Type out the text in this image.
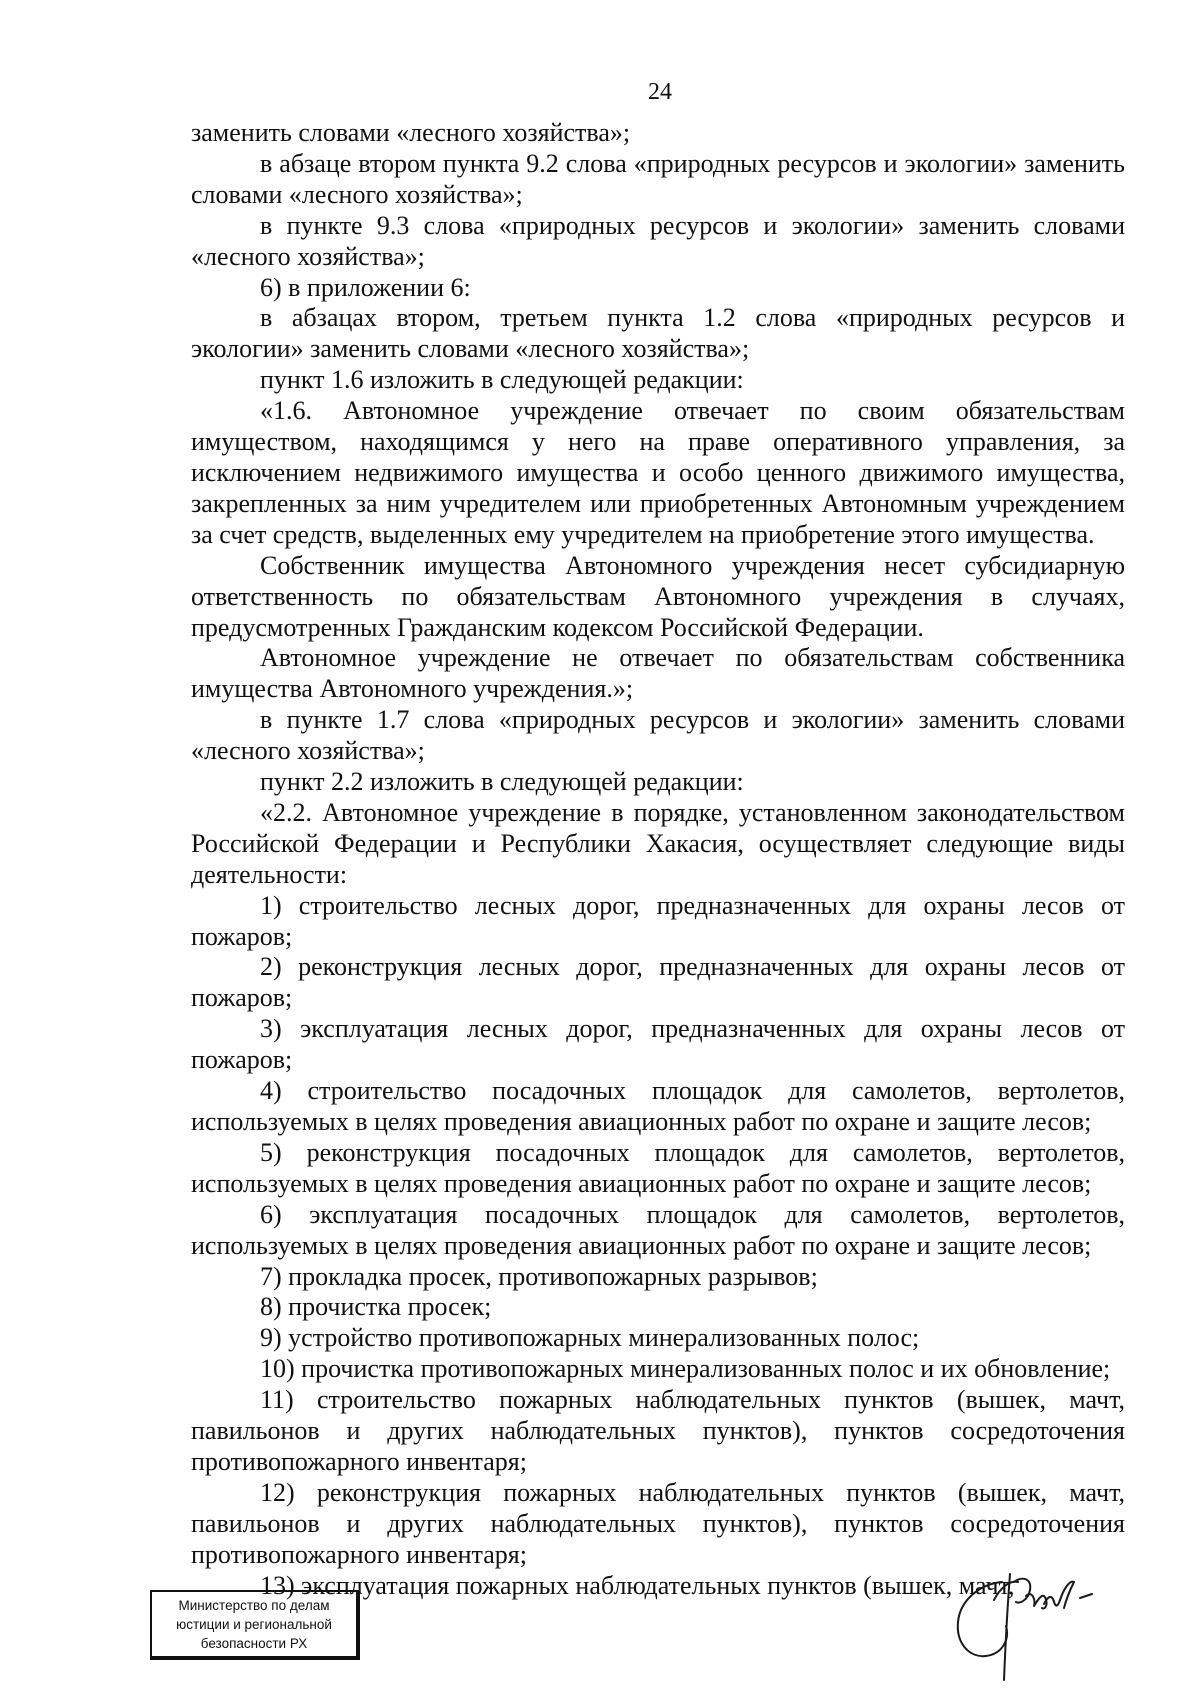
24

заменить словами «лесного хозяйства»;

в абзаце втором пункта 9.2 слова «природных ресурсов и экологии» заменить словами «лесного хозяйства»;

в пункте 9.3 слова «природных ресурсов и экологии» заменить словами «лесного хозяйства»;

6) в приложении 6:

в абзацах втором, третьем пункта 1.2 слова «природных ресурсов и экологии» заменить словами «лесного хозяйства»;

пункт 1.6 изложить в следующей редакции:

«1.6. Автономное учреждение отвечает по своим обязательствам имуществом, находящимся у него на праве оперативного управления, за исключением недвижимого имущества и особо ценного движимого имущества, закрепленных за ним учредителем или приобретенных Автономным учреждением за счет средств, выделенных ему учредителем на приобретение этого имущества.

Собственник имущества Автономного учреждения несет субсидиарную ответственность по обязательствам Автономного учреждения в случаях, предусмотренных Гражданским кодексом Российской Федерации.

Автономное учреждение не отвечает по обязательствам собственника имущества Автономного учреждения.»;

в пункте 1.7 слова «природных ресурсов и экологии» заменить словами «лесного хозяйства»;

пункт 2.2 изложить в следующей редакции:

«2.2. Автономное учреждение в порядке, установленном законодательством Российской Федерации и Республики Хакасия, осуществляет следующие виды деятельности:

1) строительство лесных дорог, предназначенных для охраны лесов от пожаров;

2) реконструкция лесных дорог, предназначенных для охраны лесов от пожаров;

3) эксплуатация лесных дорог, предназначенных для охраны лесов от пожаров;

4) строительство посадочных площадок для самолетов, вертолетов, используемых в целях проведения авиационных работ по охране и защите лесов;

5) реконструкция посадочных площадок для самолетов, вертолетов, используемых в целях проведения авиационных работ по охране и защите лесов;

6) эксплуатация посадочных площадок для самолетов, вертолетов, используемых в целях проведения авиационных работ по охране и защите лесов;

7) прокладка просек, противопожарных разрывов;

8) прочистка просек;

9) устройство противопожарных минерализованных полос;

10) прочистка противопожарных минерализованных полос и их обновление;

11) строительство пожарных наблюдательных пунктов (вышек, мачт, павильонов и других наблюдательных пунктов), пунктов сосредоточения противопожарного инвентаря;

12) реконструкция пожарных наблюдательных пунктов (вышек, мачт, павильонов и других наблюдательных пунктов), пунктов сосредоточения противопожарного инвентаря;

13) эксплуатация пожарных наблюдательных пунктов (вышек, мачт,

Министерство по делам
юстиции и региональной
безопасности РХ
